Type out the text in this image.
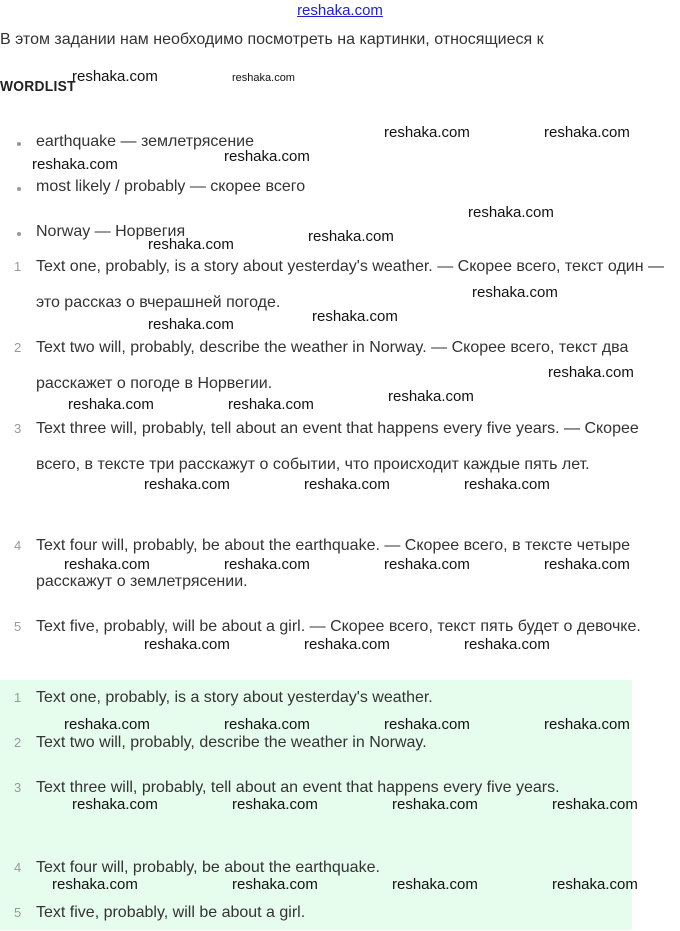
reshaka.com
В этом задании нам необходимо посмотреть на картинки, относящиеся к
WORDLIST
earthquake — землетрясение
most likely / probably — скорее всего
Norway — Норвегия
1 Text one, probably, is a story about yesterday's weather. — Скорее всего, текст один — это рассказ о вчерашней погоде.
2 Text two will, probably, describe the weather in Norway. — Скорее всего, текст два расскажет о погоде в Норвегии.
3 Text three will, probably, tell about an event that happens every five years. — Скорее всего, в тексте три расскажут о событии, что происходит каждые пять лет.
4 Text four will, probably, be about the earthquake. — Скорее всего, в тексте четыре расскажут о землетрясении.
5 Text five, probably, will be about a girl. — Скорее всего, текст пять будет о девочке.
1 Text one, probably, is a story about yesterday's weather.
2 Text two will, probably, describe the weather in Norway.
3 Text three will, probably, tell about an event that happens every five years.
4 Text four will, probably, be about the earthquake.
5 Text five, probably, will be about a girl.
reshaka.com	reshaka.com
reshaka.com	reshaka.com
reshaka.com
reshaka.com
reshaka.com
reshaka.com
reshaka.com
reshaka.com
reshaka.com
reshaka.com
reshaka.com
reshaka.com
reshaka.com	reshaka.com
reshaka.com	reshaka.com	reshaka.com
reshaka.com	reshaka.com	reshaka.com	reshaka.com
reshaka.com	reshaka.com	reshaka.com
reshaka.com	reshaka.com	reshaka.com	reshaka.com
reshaka.com	reshaka.com	reshaka.com	reshaka.com
reshaka.com	reshaka.com	reshaka.com	reshaka.com
